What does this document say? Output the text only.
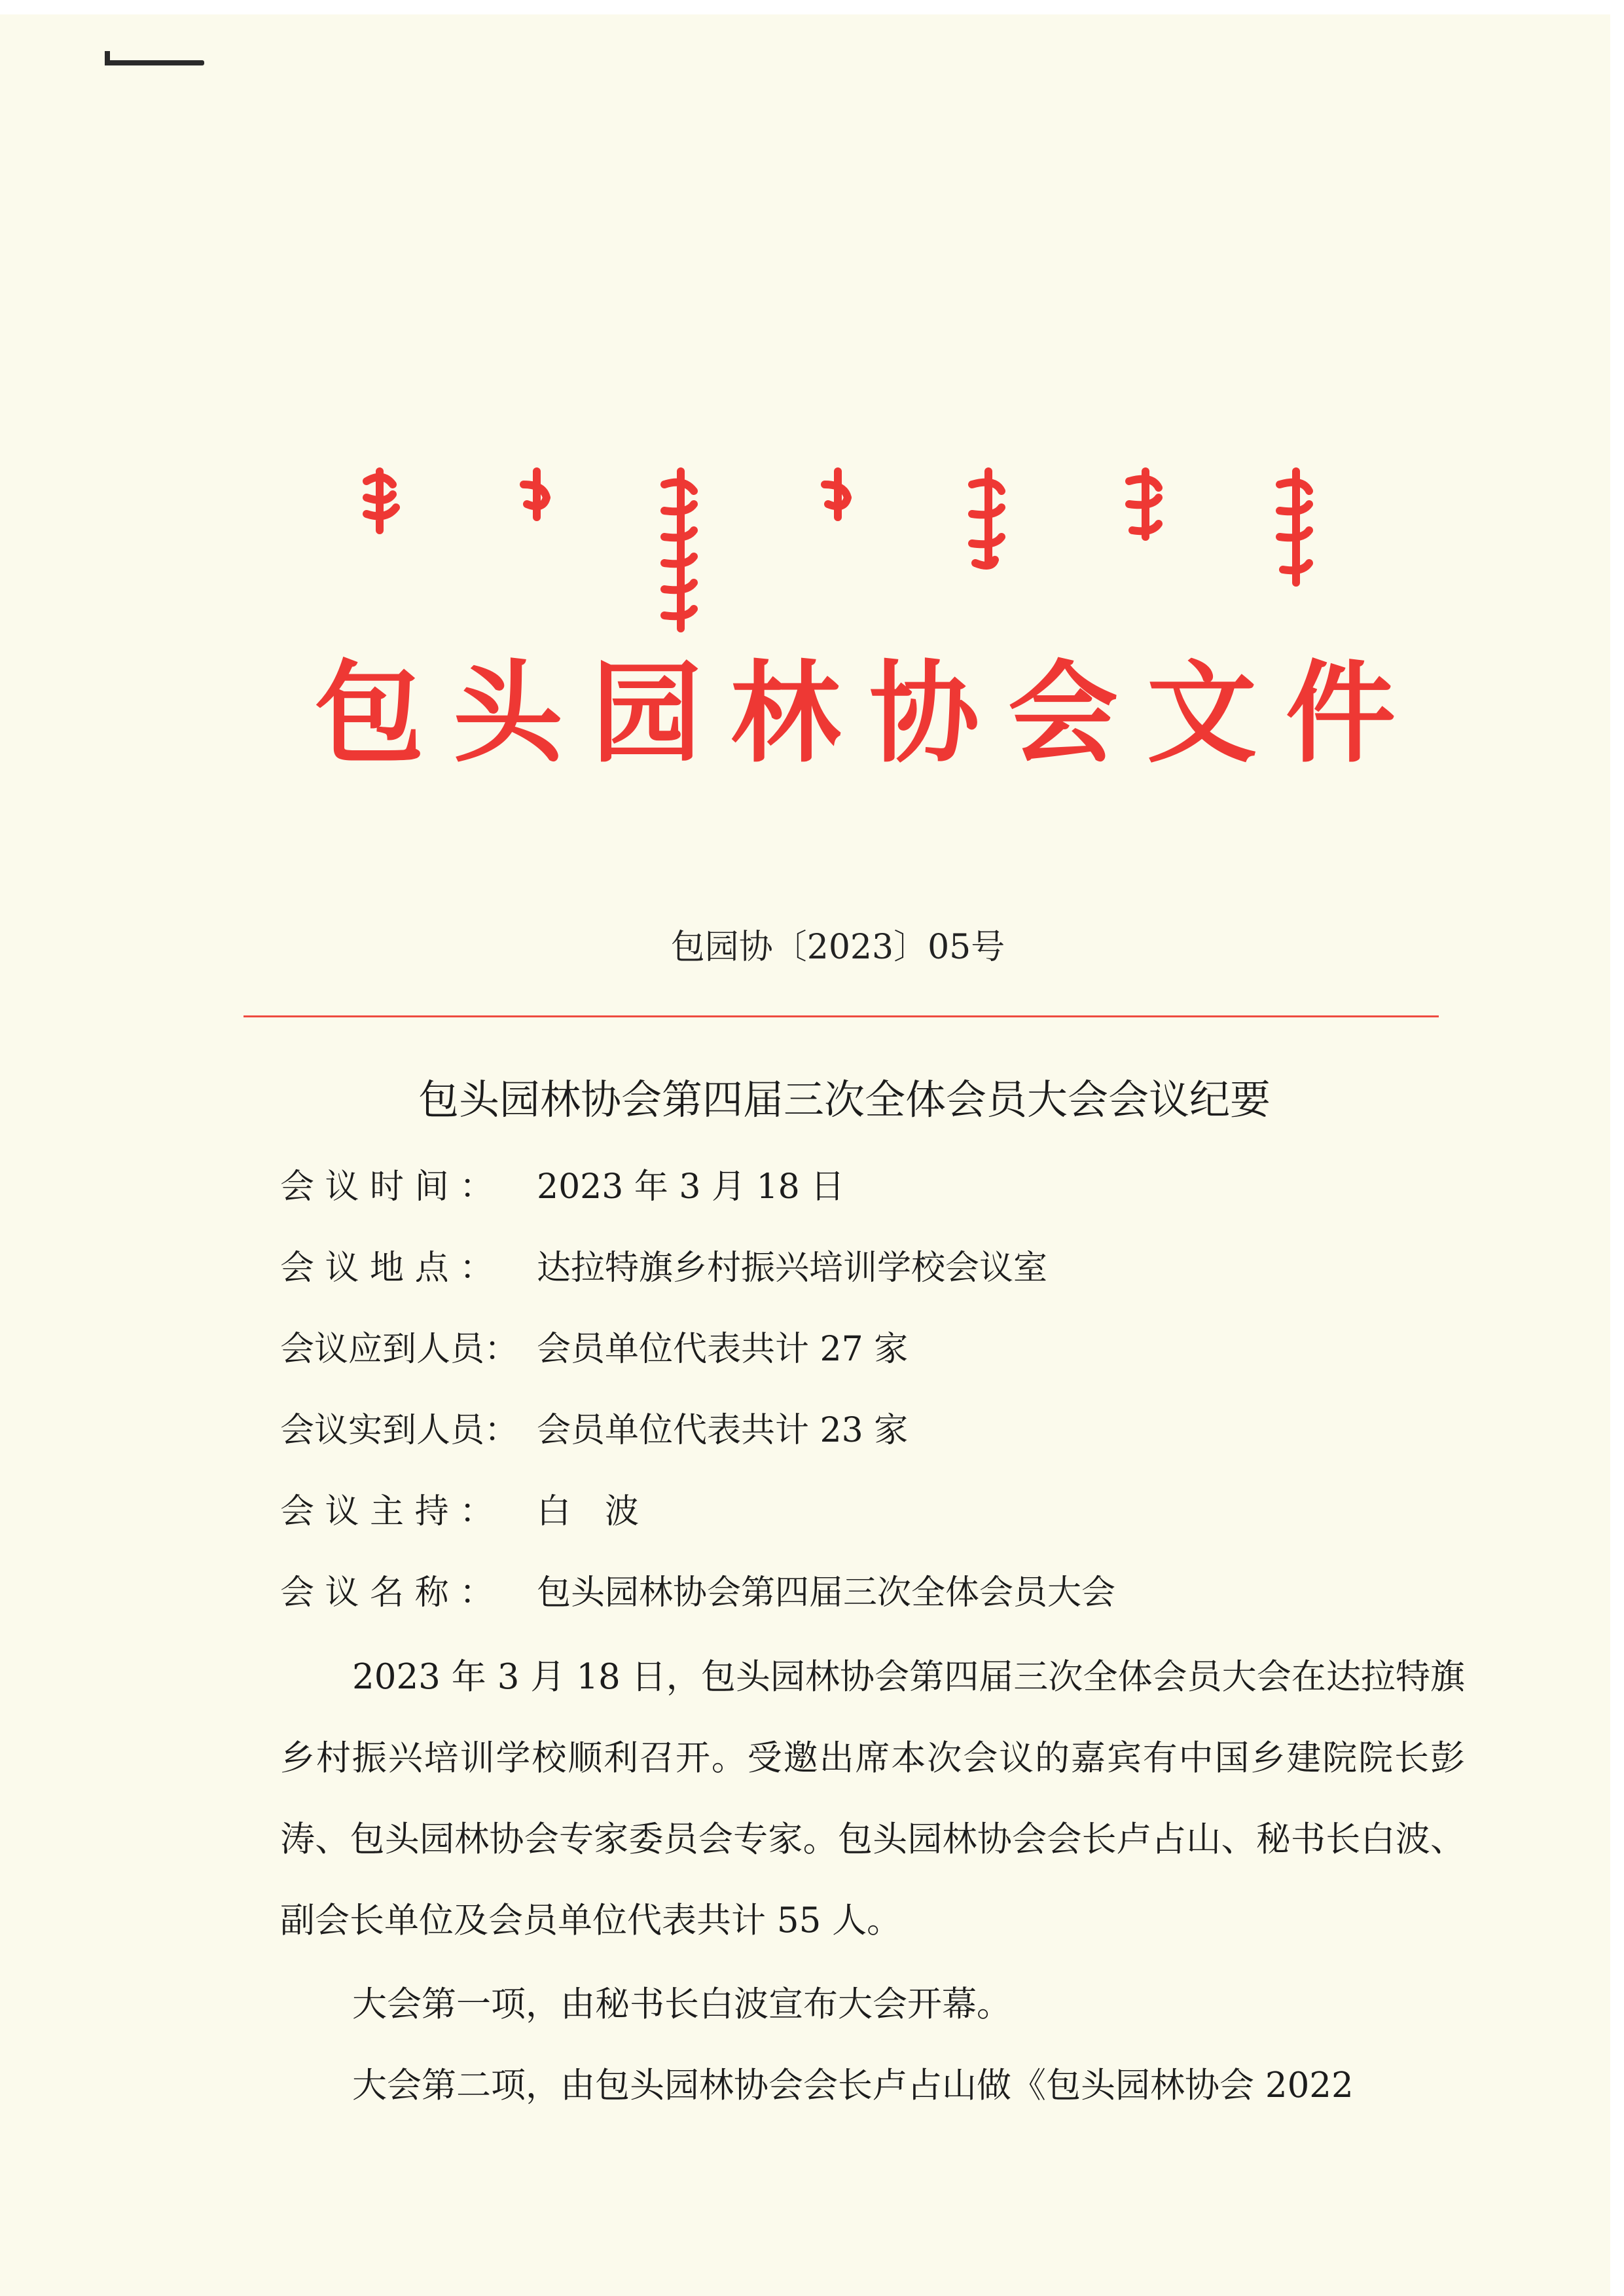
包头园林协会文件
包园协〔2023〕05号
包头园林协会第四届三次全体会员大会会议纪要
会 议 时 间 ： 2023 年 3 月 18 日
会 议 地 点 ： 达拉特旗乡村振兴培训学校会议室
会议应到人员： 会员单位代表共计 27 家
会议实到人员： 会员单位代表共计 23 家
会 议 主 持 ： 白　波
会 议 名 称 ： 包头园林协会第四届三次全体会员大会
2023 年 3 月 18 日，包头园林协会第四届三次全体会员大会在达拉特旗乡村振兴培训学校顺利召开。受邀出席本次会议的嘉宾有中国乡建院院长彭涛、包头园林协会专家委员会专家。包头园林协会会长卢占山、秘书长白波、副会长单位及会员单位代表共计 55 人。
大会第一项，由秘书长白波宣布大会开幕。
大会第二项，由包头园林协会会长卢占山做《包头园林协会 2022
